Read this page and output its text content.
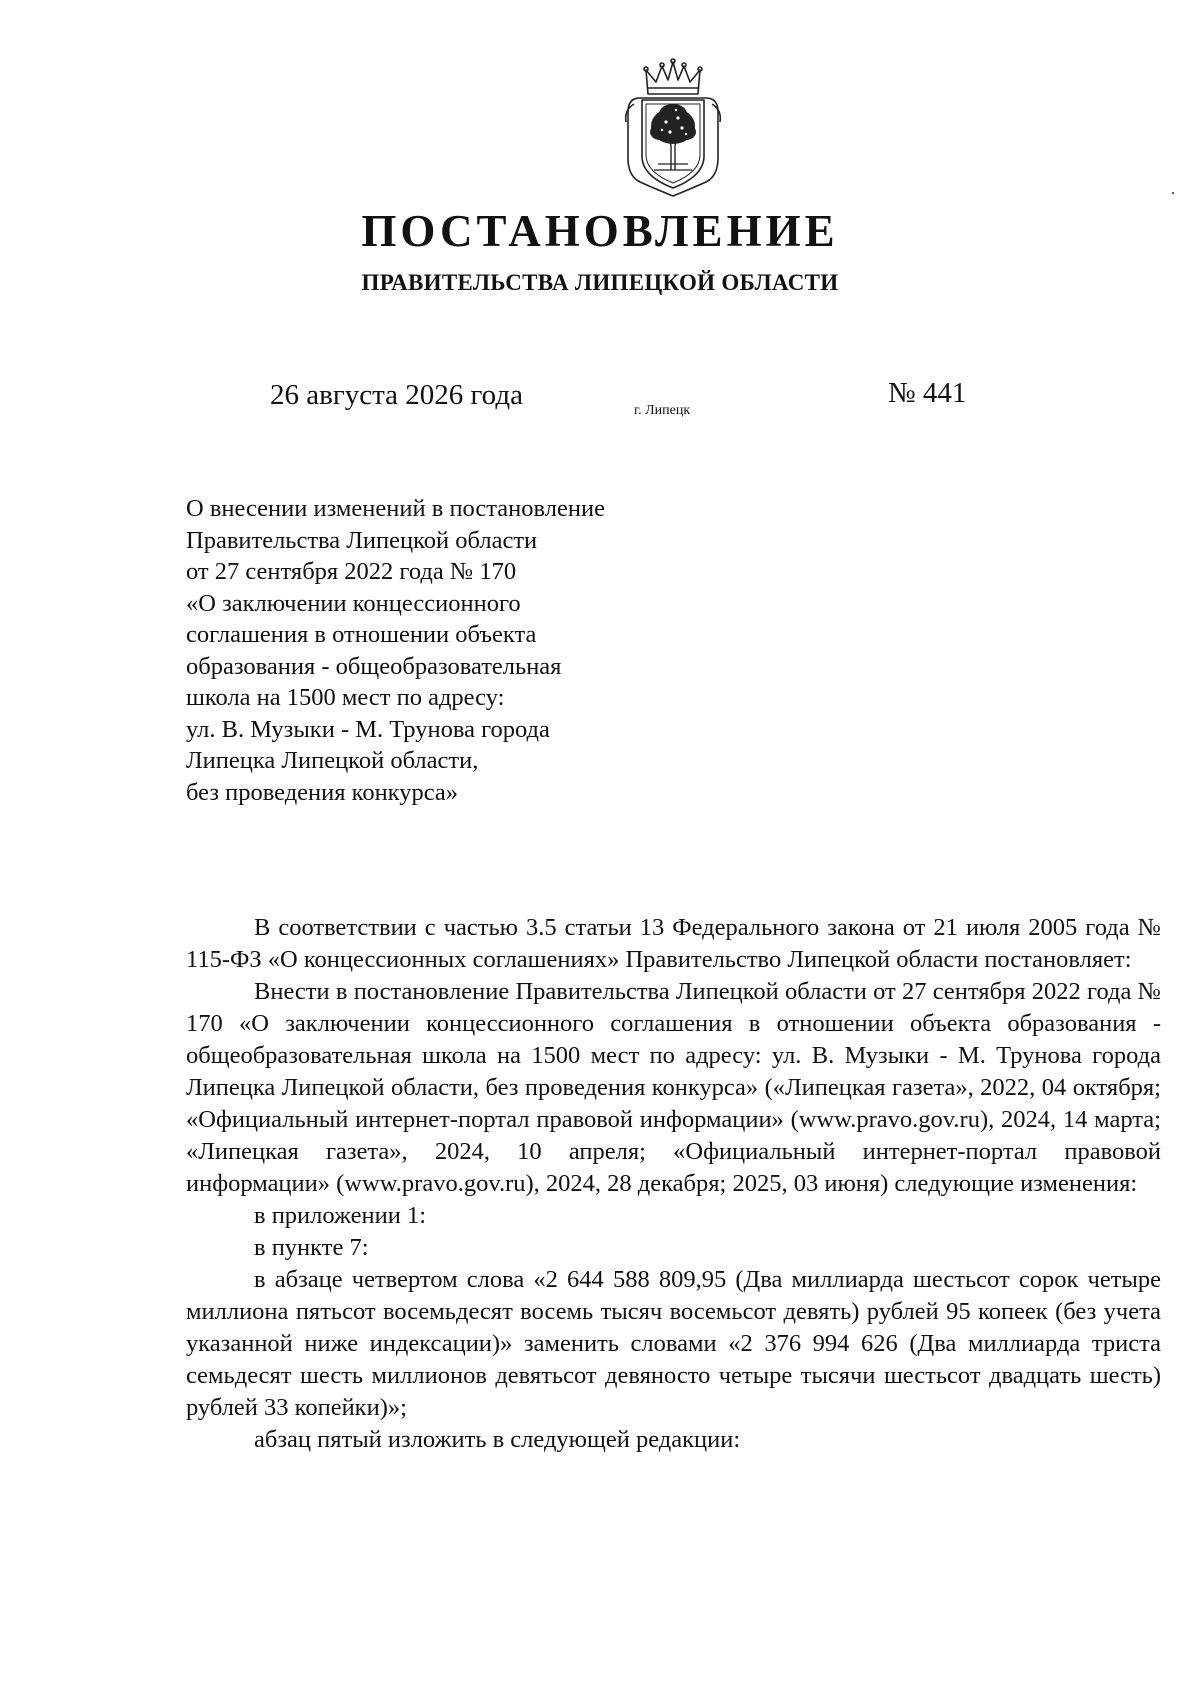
ПОСТАНОВЛЕНИЕ
ПРАВИТЕЛЬСТВА ЛИПЕЦКОЙ ОБЛАСТИ
26 августа 2026 года	г. Липецк
№ 441
О внесении изменений в постановление
Правительства Липецкой области
от 27 сентября 2022 года № 170
«О заключении концессионного
соглашения в отношении объекта
образования - общеобразовательная
школа на 1500 мест по адресу:
ул. В. Музыки - М. Трунова города
Липецка Липецкой области,
без проведения конкурса»

В соответствии с частью 3.5 статьи 13 Федерального закона от 21 июля 2005 года № 115-ФЗ «О концессионных соглашениях» Правительство Липецкой области постановляет:

Внести в постановление Правительства Липецкой области от 27 сентября 2022 года № 170 «О заключении концессионного соглашения в отношении объекта образования - общеобразовательная школа на 1500 мест по адресу: ул. В. Музыки - М. Трунова города Липецка Липецкой области, без проведения конкурса» («Липецкая газета», 2022, 04 октября; «Официальный интернет-портал правовой информации» (www.pravo.gov.ru), 2024, 14 марта; «Липецкая газета», 2024, 10 апреля; «Официальный интернет-портал правовой информации» (www.pravo.gov.ru), 2024, 28 декабря; 2025, 03 июня) следующие изменения:

в приложении 1:

в пункте 7:

в абзаце четвертом слова «2 644 588 809,95 (Два миллиарда шестьсот сорок четыре миллиона пятьсот восемьдесят восемь тысяч восемьсот девять) рублей 95 копеек (без учета указанной ниже индексации)» заменить словами «2 376 994 626 (Два миллиарда триста семьдесят шесть миллионов девятьсот девяносто четыре тысячи шестьсот двадцать шесть) рублей 33 копейки)»;

абзац пятый изложить в следующей редакции:
